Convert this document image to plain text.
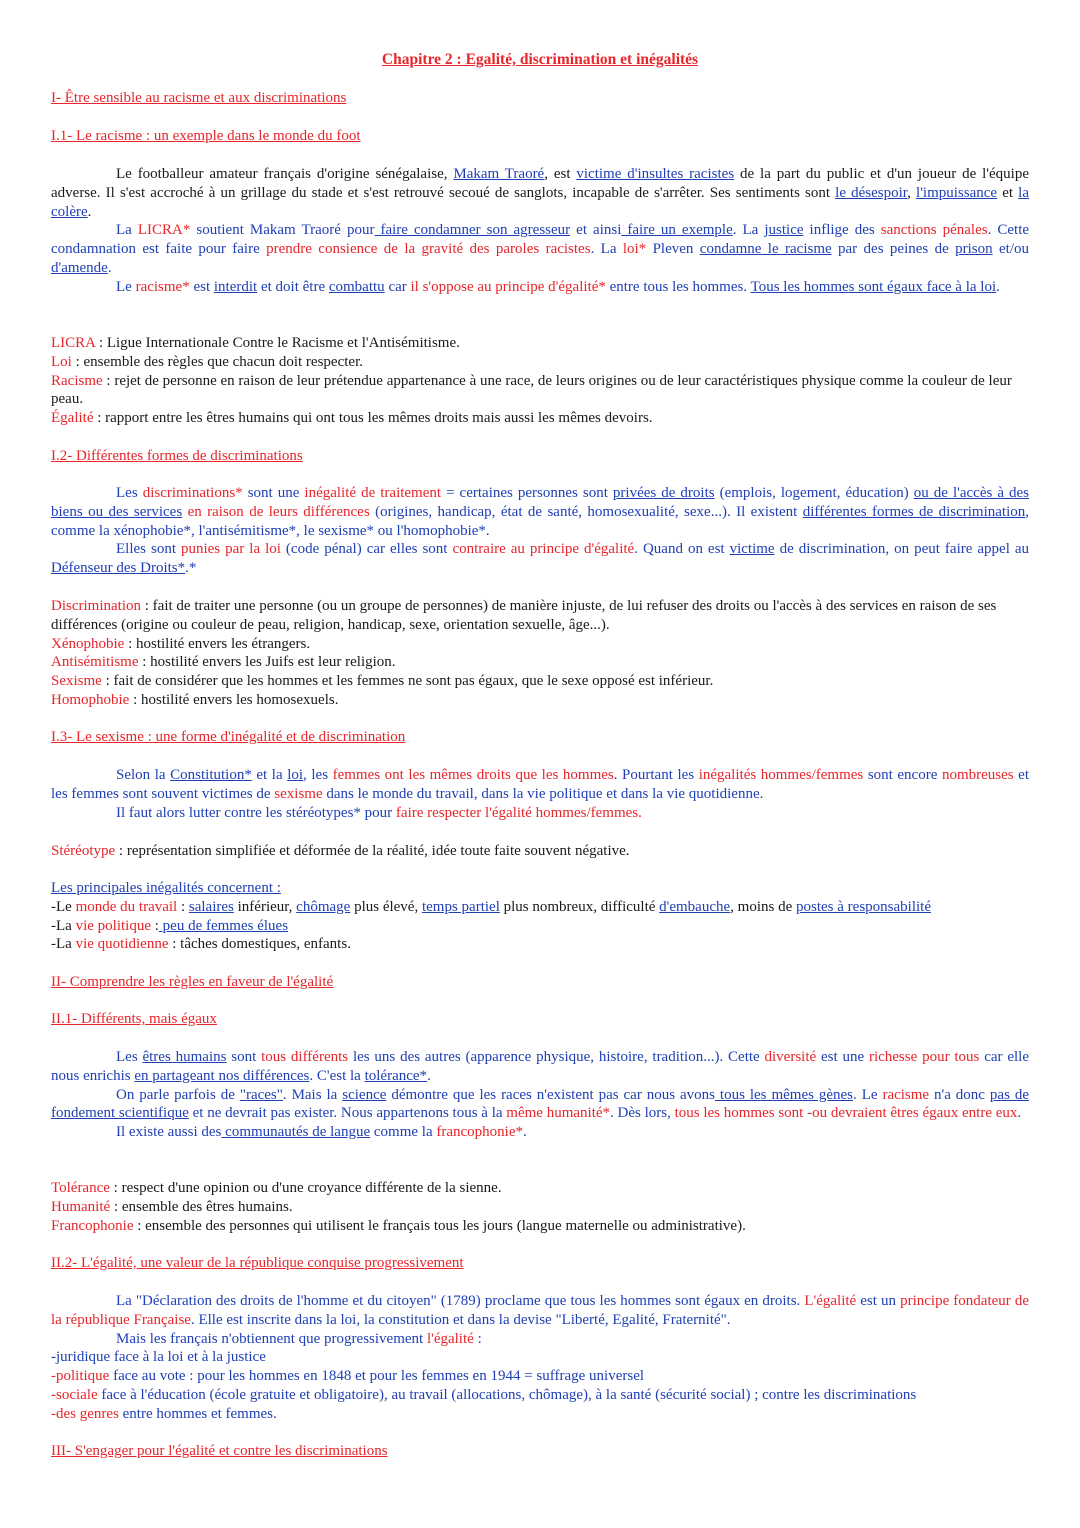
Chapitre 2 : Egalité, discrimination et inégalités
I- Être sensible au racisme et aux discriminations
I.1- Le racisme : un exemple dans le monde du foot

Le footballeur amateur français d'origine sénégalaise, Makam Traoré, est victime d'insultes racistes de la part du public et d'un joueur de l'équipe adverse. Il s'est accroché à un grillage du stade et s'est retrouvé secoué de sanglots, incapable de s'arrêter. Ses sentiments sont le désespoir, l'impuissance et la colère.

La LICRA* soutient Makam Traoré pour faire condamner son agresseur et ainsi faire un exemple. La justice inflige des sanctions pénales. Cette condamnation est faite pour faire prendre consience de la gravité des paroles racistes. La loi* Pleven condamne le racisme par des peines de prison et/ou d'amende.

Le racisme* est interdit et doit être combattu car il s'oppose au principe d'égalité* entre tous les hommes. Tous les hommes sont égaux face à la loi.

LICRA : Ligue Internationale Contre le Racisme et l'Antisémitisme.

Loi : ensemble des règles que chacun doit respecter.

Racisme : rejet de personne en raison de leur prétendue appartenance à une race, de leurs origines ou de leur caractéristiques physique comme la couleur de leur peau.

Égalité : rapport entre les êtres humains qui ont tous les mêmes droits mais aussi les mêmes devoirs.

I.2- Différentes formes de discriminations

Les discriminations* sont une inégalité de traitement = certaines personnes sont privées de droits (emplois, logement, éducation) ou de l'accès à des biens ou des services en raison de leurs différences (origines, handicap, état de santé, homosexualité, sexe...). Il existent différentes formes de discrimination, comme la xénophobie*, l'antisémitisme*, le sexisme* ou l'homophobie*.

Elles sont punies par la loi (code pénal) car elles sont contraire au principe d'égalité. Quand on est victime de discrimination, on peut faire appel au Défenseur des Droits*.*

Discrimination : fait de traiter une personne (ou un groupe de personnes) de manière injuste, de lui refuser des droits ou l'accès à des services en raison de ses différences (origine ou couleur de peau, religion, handicap, sexe, orientation sexuelle, âge...).

Xénophobie : hostilité envers les étrangers.

Antisémitisme : hostilité envers les Juifs est leur religion.

Sexisme : fait de considérer que les hommes et les femmes ne sont pas égaux, que le sexe opposé est inférieur.

Homophobie : hostilité envers les homosexuels.

I.3- Le sexisme : une forme d'inégalité et de discrimination

Selon la Constitution* et la loi, les femmes ont les mêmes droits que les hommes. Pourtant les inégalités hommes/femmes sont encore nombreuses et les femmes sont souvent victimes de sexisme dans le monde du travail, dans la vie politique et dans la vie quotidienne.

Il faut alors lutter contre les stéréotypes* pour faire respecter l'égalité hommes/femmes.

Stéréotype : représentation simplifiée et déformée de la réalité, idée toute faite souvent négative.

Les principales inégalités concernent :

-Le monde du travail : salaires inférieur, chômage plus élevé, temps partiel plus nombreux, difficulté d'embauche, moins de postes à responsabilité

-La vie politique : peu de femmes élues

-La vie quotidienne : tâches domestiques, enfants.

II- Comprendre les règles en faveur de l'égalité
II.1- Différents, mais égaux

Les êtres humains sont tous différents les uns des autres (apparence physique, histoire, tradition...). Cette diversité est une richesse pour tous car elle nous enrichis en partageant nos différences. C'est la tolérance*.

On parle parfois de "races". Mais la science démontre que les races n'existent pas car nous avons tous les mêmes gènes. Le racisme n'a donc pas de fondement scientifique et ne devrait pas exister. Nous appartenons tous à la même humanité*. Dès lors, tous les hommes sont -ou devraient êtres égaux entre eux.

Il existe aussi des communautés de langue comme la francophonie*.

Tolérance : respect d'une opinion ou d'une croyance différente de la sienne.

Humanité : ensemble des êtres humains.

Francophonie : ensemble des personnes qui utilisent le français tous les jours (langue maternelle ou administrative).

II.2- L'égalité, une valeur de la république conquise progressivement

La "Déclaration des droits de l'homme et du citoyen" (1789) proclame que tous les hommes sont égaux en droits. L'égalité est un principe fondateur de la république Française. Elle est inscrite dans la loi, la constitution et dans la devise "Liberté, Egalité, Fraternité".

Mais les français n'obtiennent que progressivement l'égalité :

-juridique face à la loi et à la justice

-politique face au vote : pour les hommes en 1848 et pour les femmes en 1944 = suffrage universel

-sociale face à l'éducation (école gratuite et obligatoire), au travail (allocations, chômage), à la santé (sécurité social) ; contre les discriminations

-des genres entre hommes et femmes.

III- S'engager pour l'égalité et contre les discriminations
